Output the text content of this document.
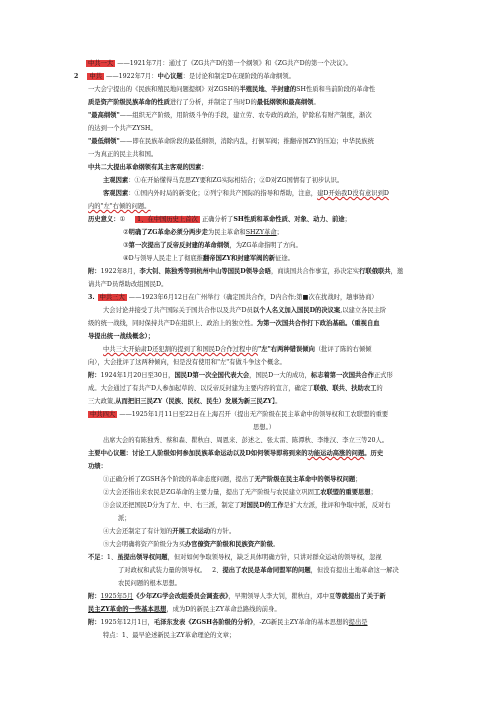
中共一大 ——1921年7月：通过了《ZG共产D的第一个纲领》和《ZG共产D的第一个决议》。
2 中共 ——1922年7月：中心议题：是讨论和制定D在现阶段的革命纲领。
一大会宁提出的《民族和殖民地问题提纲》对ZGSH的半殖民地、半封建的SH性质和当前阶段的革命性
质是资产阶级民族革命的性质进行了分析，并制定了当时D的最低纲领和最高纲领。
"最高纲领"——组织无产阶级，用阶级斗争的手段，建立劳、农专政的政治，铲除私有财产制度，渐次
的达到一个共产ZYSH。
"最低纲领"——即在民族革命阶段的最低纲领，消除内乱，打倒军阀；推翻帝国ZY的压迫；中华民族统
一为真正的民主共和国。
中共二大提出革命纲领有其主客观的因素：
主观因素：①在开始懂得马克思ZY要和ZG实际相结合；②D对ZG国情有了初步认识。
客观因素：①国内外时局的新变化；②列宁和共产国际的指导和帮助，注意，建D开始我D没有意识到D
内的"左"右倾的问题。
历史意义：① 1、在中国历史上首次 正确分析了SH性质和革命性质、对象、动力、前途；
②明确了ZG革命必须分两步走为民主革命和SHZY革命；
③第一次提出了反帝反封建的革命纲领，为ZG革命指明了方向。
④D与领导人民走上了彻底推翻帝国ZY和封建军阀的新征途。
附：1922年8月，李大钊、陈独秀等到杭州中山等国民D领导会晤，商谈国共合作事宜，孙决定实行联俄联共，邀
请共产D员帮助改组国民D。
3. 中共三大 ——1923年6月12日在广州举行（确定国共合作，D内合作;第■次在扰战时，趟事协商）
大会讨论并接受了共产国际关于国共合作以及共产D员以个人名义加入国民D的决议案,以建立各民主阶
级的统一战线，同时保持共产D在组织上、政治上的独立性。为第一次国共合作打下政治基础。（重视自血
导提出统一战线概念）；
中共三大开始肃D还犯割的提到了和国民D合作过程中的"左"右两种错误倾向（批评了陈的右倾倾
向），大会批评了这两种倾向，但是没有使用和"左"有做斗争这个概念。
附：1924年1月20日至30日，国民D第一次全国代表大会，国民D一大的成功，标志着第一次国共合作正式形
成。大会通过了有共产D人参加起草的、以反帝反封建为主要内容的宣言，确定了联俄、联共、扶助农工的
三大政策,从而把旧三民ZY（民族、民权、民生）发展为新三民ZY】。
中共四大 ——1925年1月11日至22日在上海召开（提出无产阶级在民主革命中的领导权和工农联盟的重要
思想。）
出席大会的有陈独秀、蔡和森、瞿秋白、周恩来、彭述之、张太雷、陈潭秋、李维汉、李立三等20人。
主要中心议题：讨论工人阶级如何参加民族革命运动以及D如何领导即将到来的功能运动高涨的问题。历史
功绩：
①正确分析了ZGSH各个阶段的革命态度问题，提出了无产阶级在民主革命中的领导权问题；
②大会还指出来农民是ZG革命的主要力量，提出了无产阶级与农民建立巩固工农联盟的重要思想；
③会议还把国民D分为了左、中、右三派，制定了对国民D的工作是扩大左派，批评和争取中派，反对右
派；
④大会还制定了有计划的开展工农运动的方针。
⑤大会明确将资产阶级分为买办官僚资产阶级和民族资产阶级。
不足：1、虽提出领导权问题，但对如何争取领导权，缺乏具体明确方针，只讲对群众运动的领导权，忽视
了对政权和武装力量的领导权。 2、提出了农民是革命同盟军的问题，但没有提出土地革命这一解决
农民问题的根本思想。
附：1925年5月《少年ZG学会改组委员会调查表》，早期领导人李大钊，瞿秋白，邓中夏等就提出了关于新
民主ZY革命的一些基本思想，成为D的新民主ZY革命总路线的前身。
附：1925年12月1日，毛泽东发表《ZGSH各阶级的分析》，-ZG新民主ZY革命的基本思想的提出是
特点：1、最早论述新民主ZY革命理论的文章；
